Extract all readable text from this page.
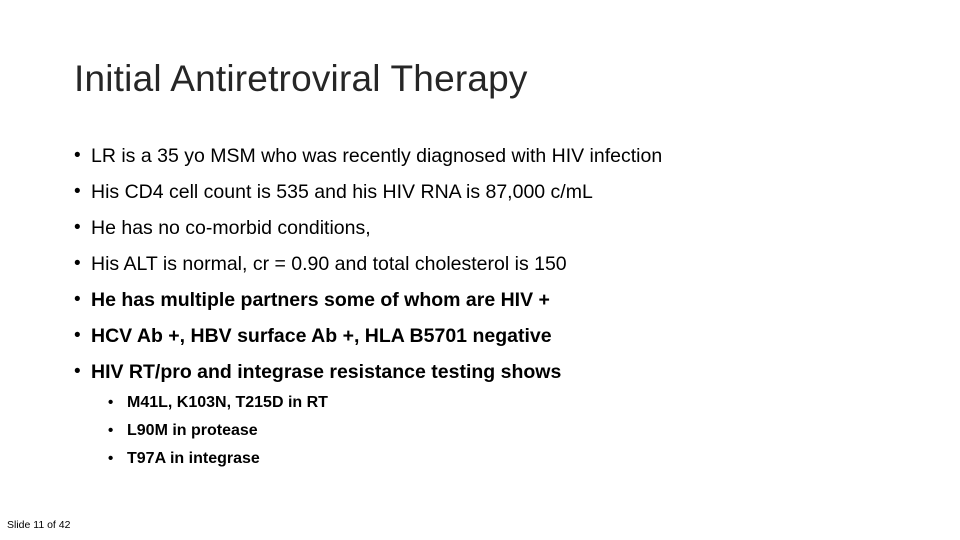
Initial Antiretroviral Therapy
• LR is a 35 yo MSM who was recently diagnosed with HIV infection
• His CD4 cell count is 535 and his HIV RNA is 87,000 c/mL
• He has no co-morbid conditions,
• His ALT is normal, cr = 0.90 and total cholesterol is 150
• He has multiple partners some of whom are HIV +
• HCV Ab +, HBV surface Ab +, HLA B5701 negative
• HIV RT/pro and integrase resistance testing shows
• M41L, K103N, T215D in RT
• L90M in protease
• T97A in integrase
Slide 11 of 42
